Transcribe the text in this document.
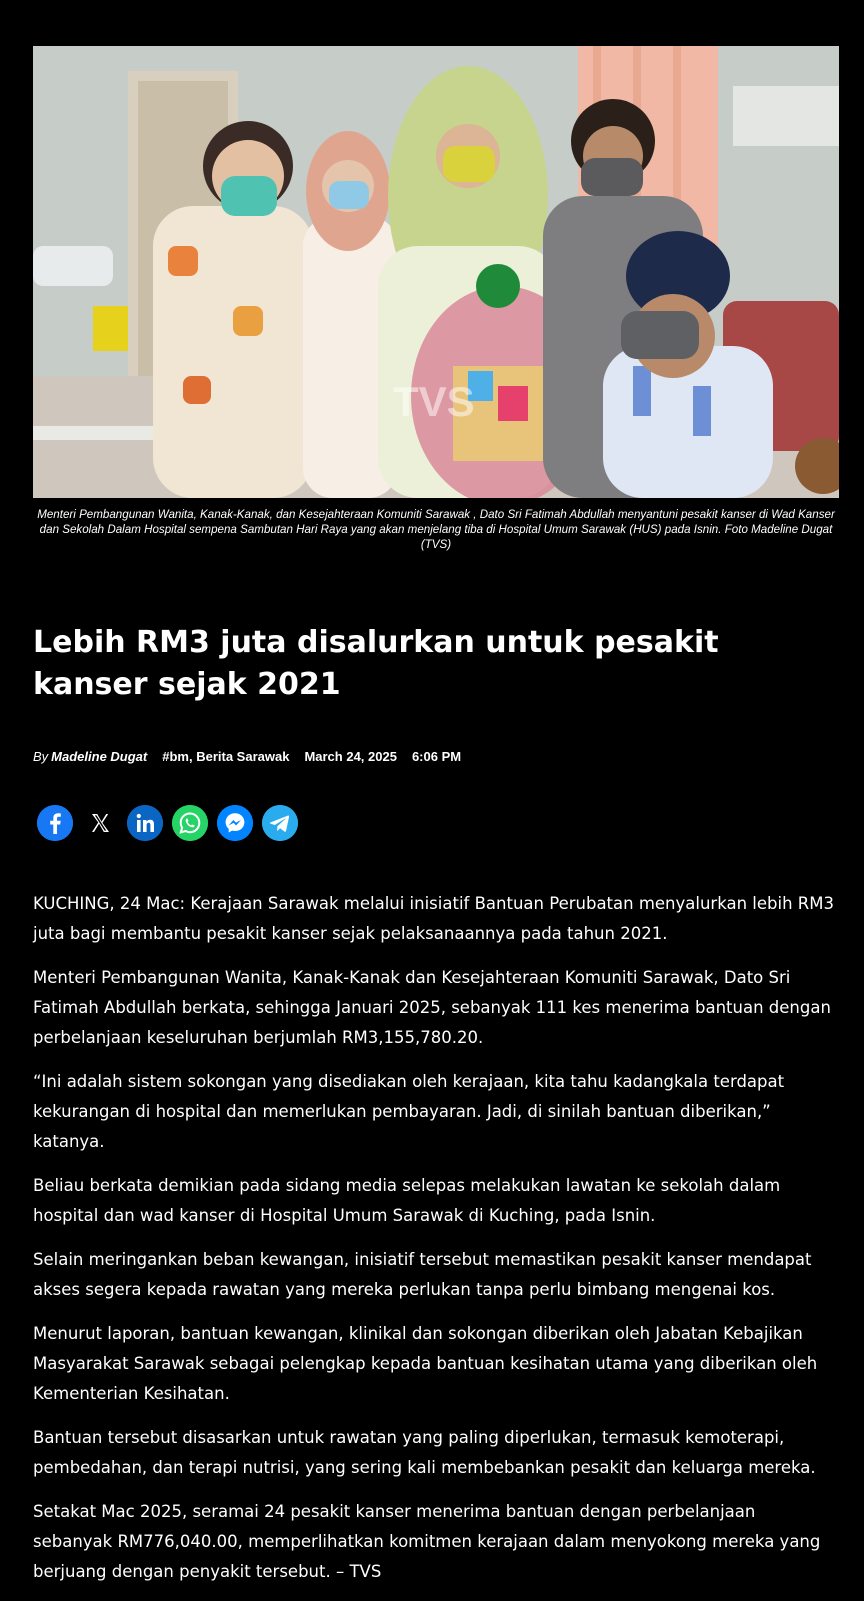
TVS
Menteri Pembangunan Wanita, Kanak-Kanak, dan Kesejahteraan Komuniti Sarawak , Dato Sri Fatimah Abdullah menyantuni pesakit kanser di Wad Kanser dan Sekolah Dalam Hospital sempena Sambutan Hari Raya yang akan menjelang tiba di Hospital Umum Sarawak (HUS) pada Isnin. Foto Madeline Dugat (TVS)
Lebih RM3 juta disalurkan untuk pesakit kanser sejak 2021
By Madeline Dugat #bm, Berita Sarawak March 24, 2025 6:06 PM

KUCHING, 24 Mac: Kerajaan Sarawak melalui inisiatif Bantuan Perubatan menyalurkan lebih RM3 juta bagi membantu pesakit kanser sejak pelaksanaannya pada tahun 2021.

Menteri Pembangunan Wanita, Kanak-Kanak dan Kesejahteraan Komuniti Sarawak, Dato Sri Fatimah Abdullah berkata, sehingga Januari 2025, sebanyak 111 kes menerima bantuan dengan perbelanjaan keseluruhan berjumlah RM3,155,780.20.

“Ini adalah sistem sokongan yang disediakan oleh kerajaan, kita tahu kadangkala terdapat kekurangan di hospital dan memerlukan pembayaran. Jadi, di sinilah bantuan diberikan,” katanya.

Beliau berkata demikian pada sidang media selepas melakukan lawatan ke sekolah dalam hospital dan wad kanser di Hospital Umum Sarawak di Kuching, pada Isnin.

Selain meringankan beban kewangan, inisiatif tersebut memastikan pesakit kanser mendapat akses segera kepada rawatan yang mereka perlukan tanpa perlu bimbang mengenai kos.

Menurut laporan, bantuan kewangan, klinikal dan sokongan diberikan oleh Jabatan Kebajikan Masyarakat Sarawak sebagai pelengkap kepada bantuan kesihatan utama yang diberikan oleh Kementerian Kesihatan.

Bantuan tersebut disasarkan untuk rawatan yang paling diperlukan, termasuk kemoterapi, pembedahan, dan terapi nutrisi, yang sering kali membebankan pesakit dan keluarga mereka.

Setakat Mac 2025, seramai 24 pesakit kanser menerima bantuan dengan perbelanjaan sebanyak RM776,040.00, memperlihatkan komitmen kerajaan dalam menyokong mereka yang berjuang dengan penyakit tersebut. – TVS
